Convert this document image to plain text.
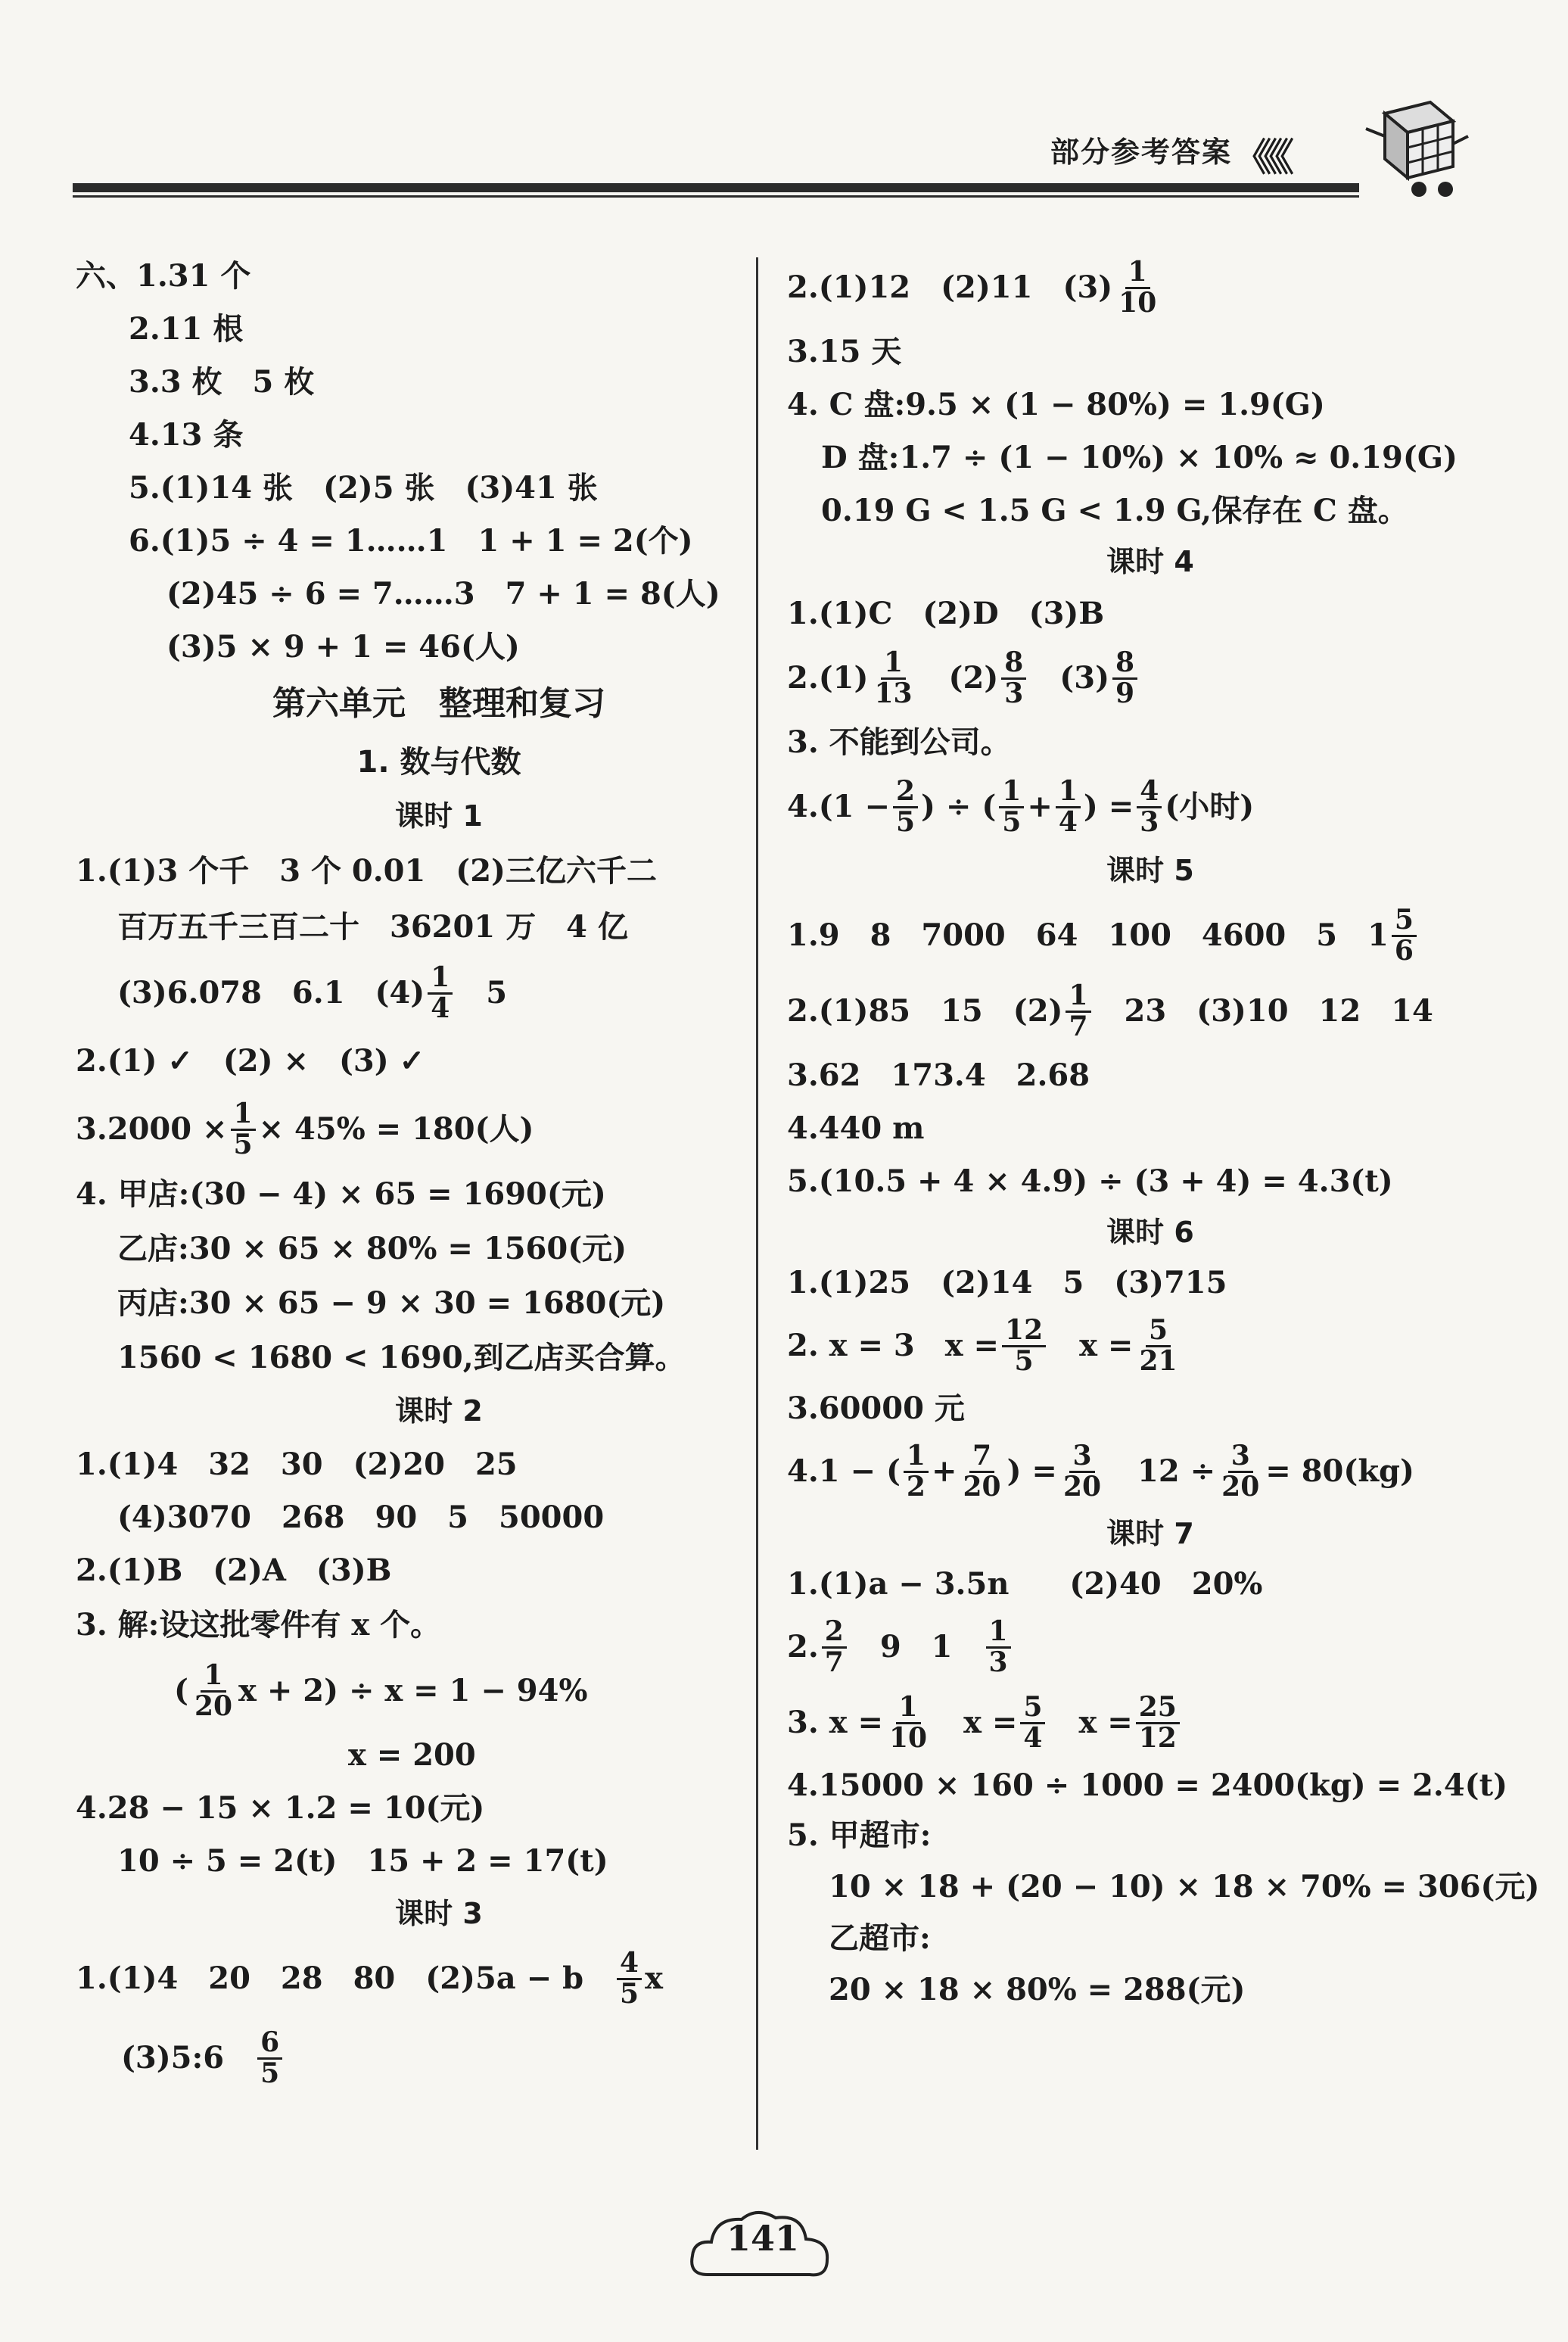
部分参考答案 《《《
六、1.31 个
2.11 根
3.3 枚　5 枚
4.13 条
5.(1)14 张　(2)5 张　(3)41 张
6.(1)5 ÷ 4 = 1……1　1 + 1 = 2(个)
(2)45 ÷ 6 = 7……3　7 + 1 = 8(人)
(3)5 × 9 + 1 = 46(人)
第六单元　整理和复习
1. 数与代数
课时 1
1.(1)3 个千　3 个 0.01　(2)三亿六千二
百万五千三百二十　36201 万　4 亿
(3)6.078　6.1　$(4) \frac{1}{4}$ 　5
2.(1) ✓　(2) ×　(3) ✓
$3.2000 \times \frac{1}{5} \times 45\% = 180$(人)
4. 甲店:(30 − 4) × 65 = 1690(元)
乙店:30 × 65 × 80% = 1560(元)
丙店:30 × 65 − 9 × 30 = 1680(元)
1560 < 1680 < 1690,到乙店买合算。
课时 2
1.(1)4　32　30　(2)20　25
(4)3070　268　90　5　50000
2.(1)B　(2)A　(3)B
3. 解:设这批零件有 x 个。
( $\frac{1}{20}$ x + 2) ÷ x = 1 − 94%
x = 200
4.28 − 15 × 1.2 = 10(元)
10 ÷ 5 = 2(t)　15 + 2 = 17(t)
课时 3
1.(1)4　20　28　80　(2)5a − b　 $\frac{4}{5}$ x
(3)5:6　 $\frac{6}{5}$
2.(1)12　(2)11　$(3) \frac{1}{10}$
3.15 天
4. C 盘:9.5 × (1 − 80%) = 1.9(G)
D 盘:1.7 ÷ (1 − 10%) × 10% ≈ 0.19(G)
0.19 G < 1.5 G < 1.9 G,保存在 C 盘。
课时 4
1.(1)C　(2)D　(3)B
$2.(1) \frac{1}{13}$ 　$(2) \frac{8}{3}$ 　$(3) \frac{8}{9}$
3. 不能到公司。
$4.(1 - \frac{2}{5}$ ) ÷ ( $\frac{1}{5} + \frac{1}{4}$ ) = $\frac{4}{3}$ (小时)
课时 5
1.9　8　7000　64　100　4600　5　$1 \frac{5}{6}$
2.(1)85　15　$(2) \frac{1}{7}$ 　23　(3)10　12　14
3.62　173.4　2.68
4.440 m
5.(10.5 + 4 × 4.9) ÷ (3 + 4) = 4.3(t)
课时 6
1.(1)25　(2)14　5　(3)715
2. x = 3　$x = \frac{12}{5}$ 　$x = \frac{5}{21}$
3.60000 元
4.1 − ( $\frac{1}{2} + \frac{7}{20}$ ) = $\frac{3}{20}$ 　$12 \div \frac{3}{20} = 80(kg)$
课时 7
1.(1)a − 3.5n　　(2)40　20%
2. $\frac{2}{7}$ 　9　1　 $\frac{1}{3}$
3. $x = \frac{1}{10}$ 　$x = \frac{5}{4}$ 　$x = \frac{25}{12}$
4.15000 × 160 ÷ 1000 = 2400(kg) = 2.4(t)
5. 甲超市:
10 × 18 + (20 − 10) × 18 × 70% = 306(元)
乙超市:
20 × 18 × 80% = 288(元)
141
